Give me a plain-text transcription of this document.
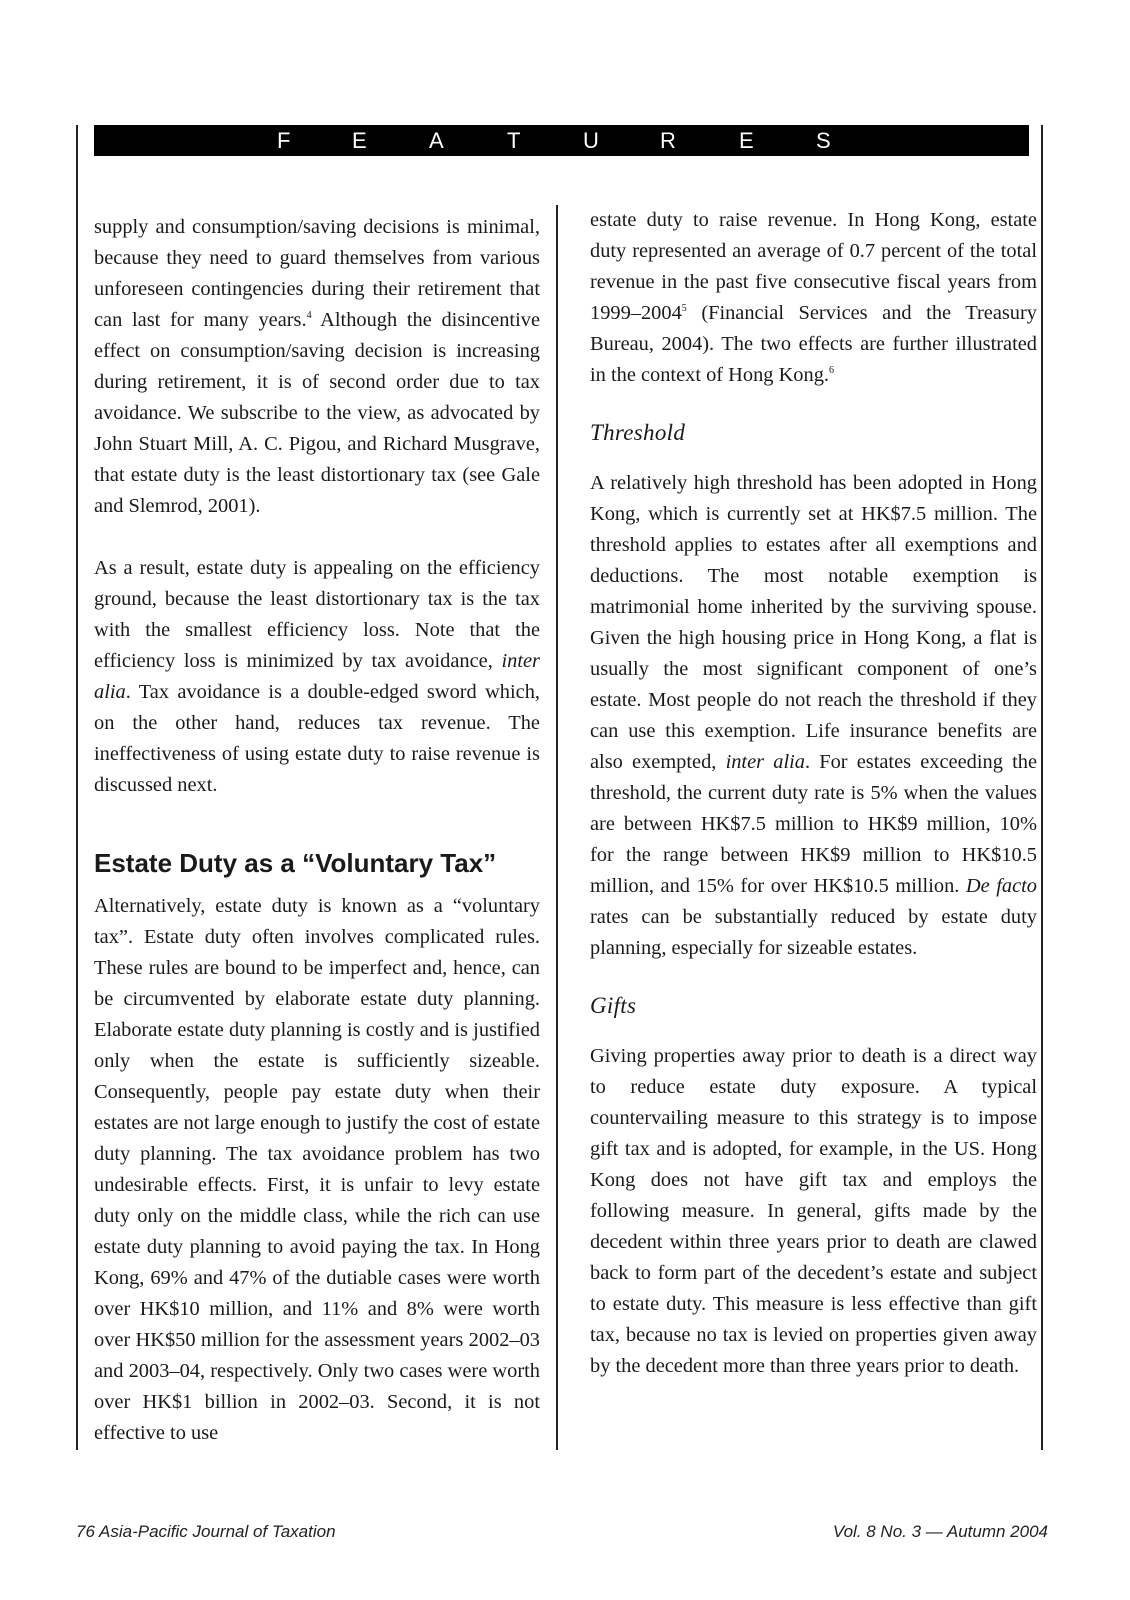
F	E	A	T	U	R	E	S

supply and consumption/saving decisions is minimal, because they need to guard themselves from various unforeseen contingencies during their retirement that can last for many years.$^4$ Although the disincentive effect on consumption/saving decision is increasing during retirement, it is of second order due to tax avoidance. We subscribe to the view, as advocated by John Stuart Mill, A. C. Pigou, and Richard Musgrave, that estate duty is the least distortionary tax (see Gale and Slemrod, 2001).

As a result, estate duty is appealing on the efficiency ground, because the least distortionary tax is the tax with the smallest efficiency loss. Note that the efficiency loss is minimized by tax avoidance, inter alia. Tax avoidance is a double-edged sword which, on the other hand, reduces tax revenue. The ineffectiveness of using estate duty to raise revenue is discussed next.

Estate Duty as a “Voluntary Tax”

Alternatively, estate duty is known as a “voluntary tax”. Estate duty often involves complicated rules. These rules are bound to be imperfect and, hence, can be circumvented by elaborate estate duty planning. Elaborate estate duty planning is costly and is justified only when the estate is sufficiently sizeable. Consequently, people pay estate duty when their estates are not large enough to justify the cost of estate duty planning. The tax avoidance problem has two undesirable effects. First, it is unfair to levy estate duty only on the middle class, while the rich can use estate duty planning to avoid paying the tax. In Hong Kong, 69% and 47% of the dutiable cases were worth over HK$10 million, and 11% and 8% were worth over HK$50 million for the assessment years 2002–03 and 2003–04, respectively. Only two cases were worth over HK$1 billion in 2002–03. Second, it is not effective to use

estate duty to raise revenue. In Hong Kong, estate duty represented an average of 0.7 percent of the total revenue in the past five consecutive fiscal years from 1999–2004$^5$ (Financial Services and the Treasury Bureau, 2004). The two effects are further illustrated in the context of Hong Kong.$^6$

Threshold

A relatively high threshold has been adopted in Hong Kong, which is currently set at HK$7.5 million. The threshold applies to estates after all exemptions and deductions. The most notable exemption is matrimonial home inherited by the surviving spouse. Given the high housing price in Hong Kong, a flat is usually the most significant component of one’s estate. Most people do not reach the threshold if they can use this exemption. Life insurance benefits are also exempted, inter alia. For estates exceeding the threshold, the current duty rate is 5% when the values are between HK$7.5 million to HK$9 million, 10% for the range between HK$9 million to HK$10.5 million, and 15% for over HK$10.5 million. De facto rates can be substantially reduced by estate duty planning, especially for sizeable estates.

Gifts

Giving properties away prior to death is a direct way to reduce estate duty exposure. A typical countervailing measure to this strategy is to impose gift tax and is adopted, for example, in the US. Hong Kong does not have gift tax and employs the following measure. In general, gifts made by the decedent within three years prior to death are clawed back to form part of the decedent’s estate and subject to estate duty. This measure is less effective than gift tax, because no tax is levied on properties given away by the decedent more than three years prior to death.

76 Asia-Pacific Journal of Taxation	Vol. 8 No. 3 — Autumn 2004
